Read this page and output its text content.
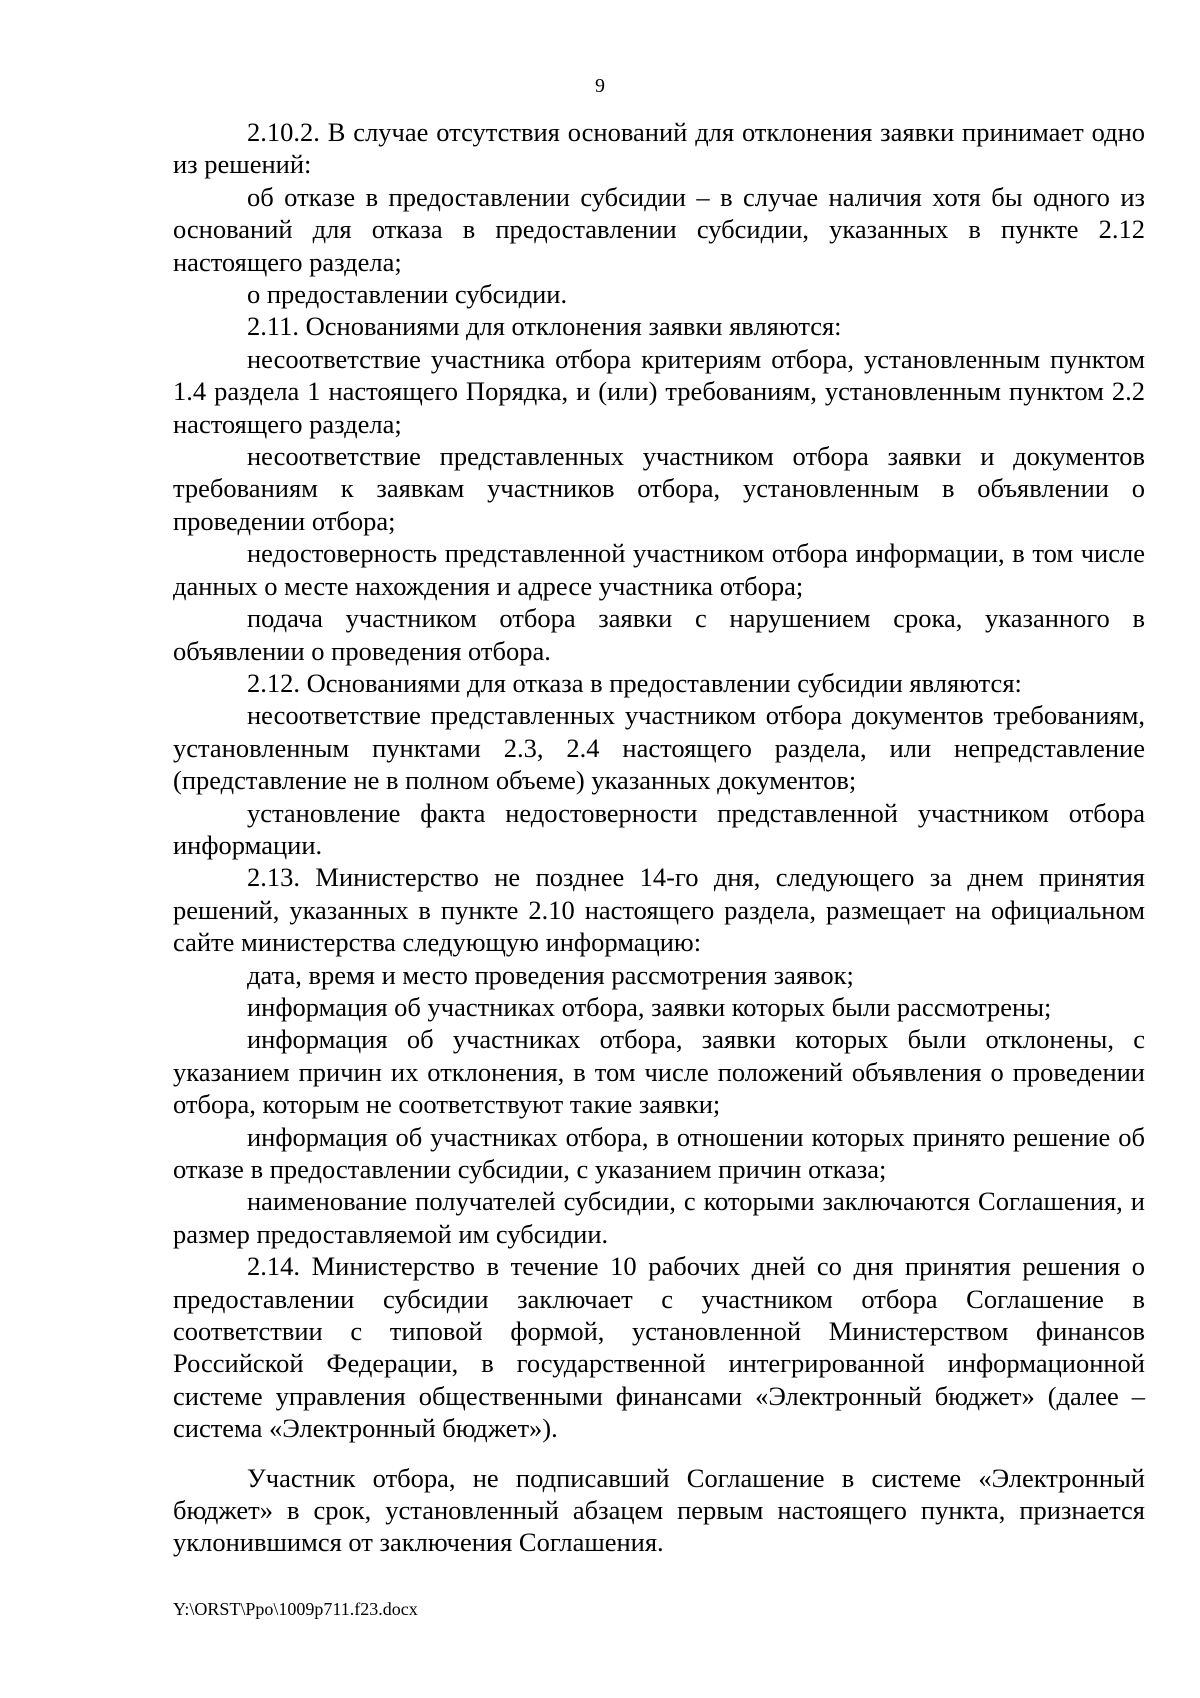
9

2.10.2. В случае отсутствия оснований для отклонения заявки принимает одно из решений:

об отказе в предоставлении субсидии – в случае наличия хотя бы одного из оснований для отказа в предоставлении субсидии, указанных в пункте 2.12 настоящего раздела;

о предоставлении субсидии.

2.11. Основаниями для отклонения заявки являются:

несоответствие участника отбора критериям отбора, установленным пунктом 1.4 раздела 1 настоящего Порядка, и (или) требованиям, установленным пунктом 2.2 настоящего раздела;

несоответствие представленных участником отбора заявки и документов требованиям к заявкам участников отбора, установленным в объявлении о проведении отбора;

недостоверность представленной участником отбора информации, в том числе данных о месте нахождения и адресе участника отбора;

подача участником отбора заявки с нарушением срока, указанного в объявлении о проведения отбора.

2.12. Основаниями для отказа в предоставлении субсидии являются:

несоответствие представленных участником отбора документов требованиям, установленным пунктами 2.3, 2.4 настоящего раздела, или непредставление (представление не в полном объеме) указанных документов;

установление факта недостоверности представленной участником отбора информации.

2.13. Министерство не позднее 14-го дня, следующего за днем принятия решений, указанных в пункте 2.10 настоящего раздела, размещает на официальном сайте министерства следующую информацию:

дата, время и место проведения рассмотрения заявок;

информация об участниках отбора, заявки которых были рассмотрены;

информация об участниках отбора, заявки которых были отклонены, с указанием причин их отклонения, в том числе положений объявления о проведении отбора, которым не соответствуют такие заявки;

информация об участниках отбора, в отношении которых принято решение об отказе в предоставлении субсидии, с указанием причин отказа;

наименование получателей субсидии, с которыми заключаются Соглашения, и размер предоставляемой им субсидии.

2.14. Министерство в течение 10 рабочих дней со дня принятия решения о предоставлении субсидии заключает с участником отбора Соглашение в соответствии с типовой формой, установленной Министерством финансов Российской Федерации, в государственной интегрированной информационной системе управления общественными финансами «Электронный бюджет» (далее – система «Электронный бюджет»).

Участник отбора, не подписавший Соглашение в системе «Электронный бюджет» в срок, установленный абзацем первым настоящего пункта, признается уклонившимся от заключения Соглашения.

Y:\ORST\Ppo\1009p711.f23.docx
